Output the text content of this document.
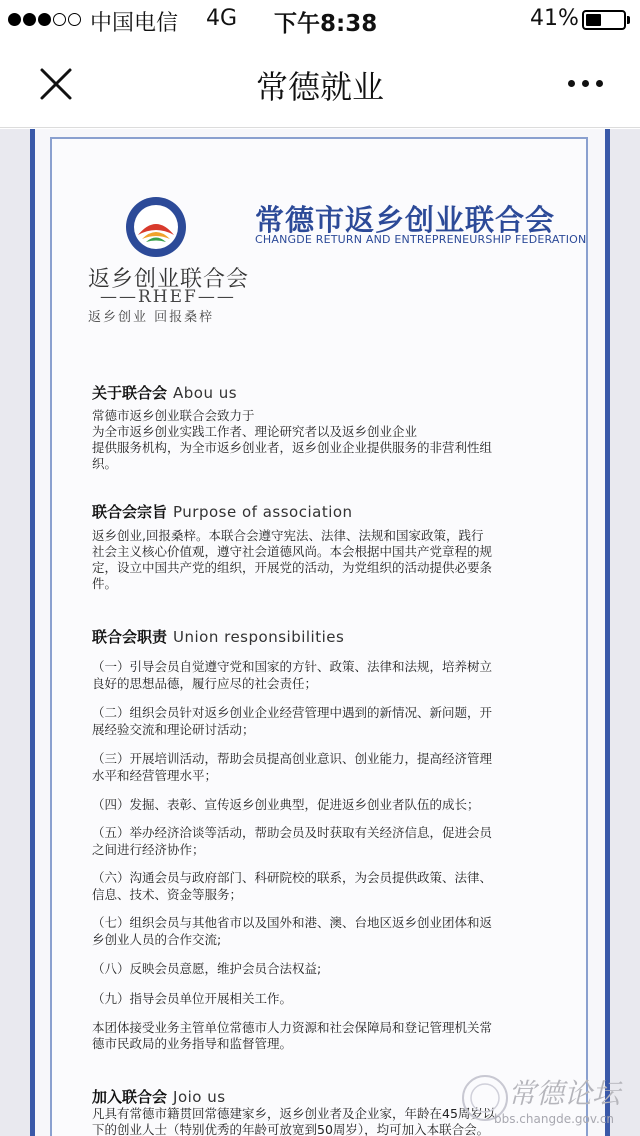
中国电信 4G 下午8:38	41%
常德就业
返乡创业联合会
——RHEF——
返乡创业 回报桑梓
常德市返乡创业联合会
CHANGDE RETURN AND ENTREPRENEURSHIP FEDERATION
关于联合会 Abou us
常德市返乡创业联合会致力于
为全市返乡创业实践工作者、理论研究者以及返乡创业企业
提供服务机构，为全市返乡创业者，返乡创业企业提供服务的非营利性组
织。
联合会宗旨 Purpose of association
返乡创业,回报桑梓。本联合会遵守宪法、法律、法规和国家政策，践行
社会主义核心价值观，遵守社会道德风尚。本会根据中国共产党章程的规
定，设立中国共产党的组织，开展党的活动，为党组织的活动提供必要条
件。
联合会职责 Union responsibilities
（一）引导会员自觉遵守党和国家的方针、政策、法律和法规，培养树立
良好的思想品德，履行应尽的社会责任；
（二）组织会员针对返乡创业企业经营管理中遇到的新情况、新问题，开
展经验交流和理论研讨活动；
（三）开展培训活动，帮助会员提高创业意识、创业能力，提高经济管理
水平和经营管理水平；
（四）发掘、表彰、宣传返乡创业典型，促进返乡创业者队伍的成长；
（五）举办经济洽谈等活动，帮助会员及时获取有关经济信息，促进会员
之间进行经济协作；
（六）沟通会员与政府部门、科研院校的联系，为会员提供政策、法律、
信息、技术、资金等服务；
（七）组织会员与其他省市以及国外和港、澳、台地区返乡创业团体和返
乡创业人员的合作交流;
（八）反映会员意愿，维护会员合法权益;
（九）指导会员单位开展相关工作。
本团体接受业务主管单位常德市人力资源和社会保障局和登记管理机关常
德市民政局的业务指导和监督管理。
加入联合会 Joio us
凡具有常德市籍贯回常德建家乡，返乡创业者及企业家，年龄在45周岁以
下的创业人士（特别优秀的年龄可放宽到50周岁），均可加入本联合会。
常德论坛
bbs.changde.gov.cn
